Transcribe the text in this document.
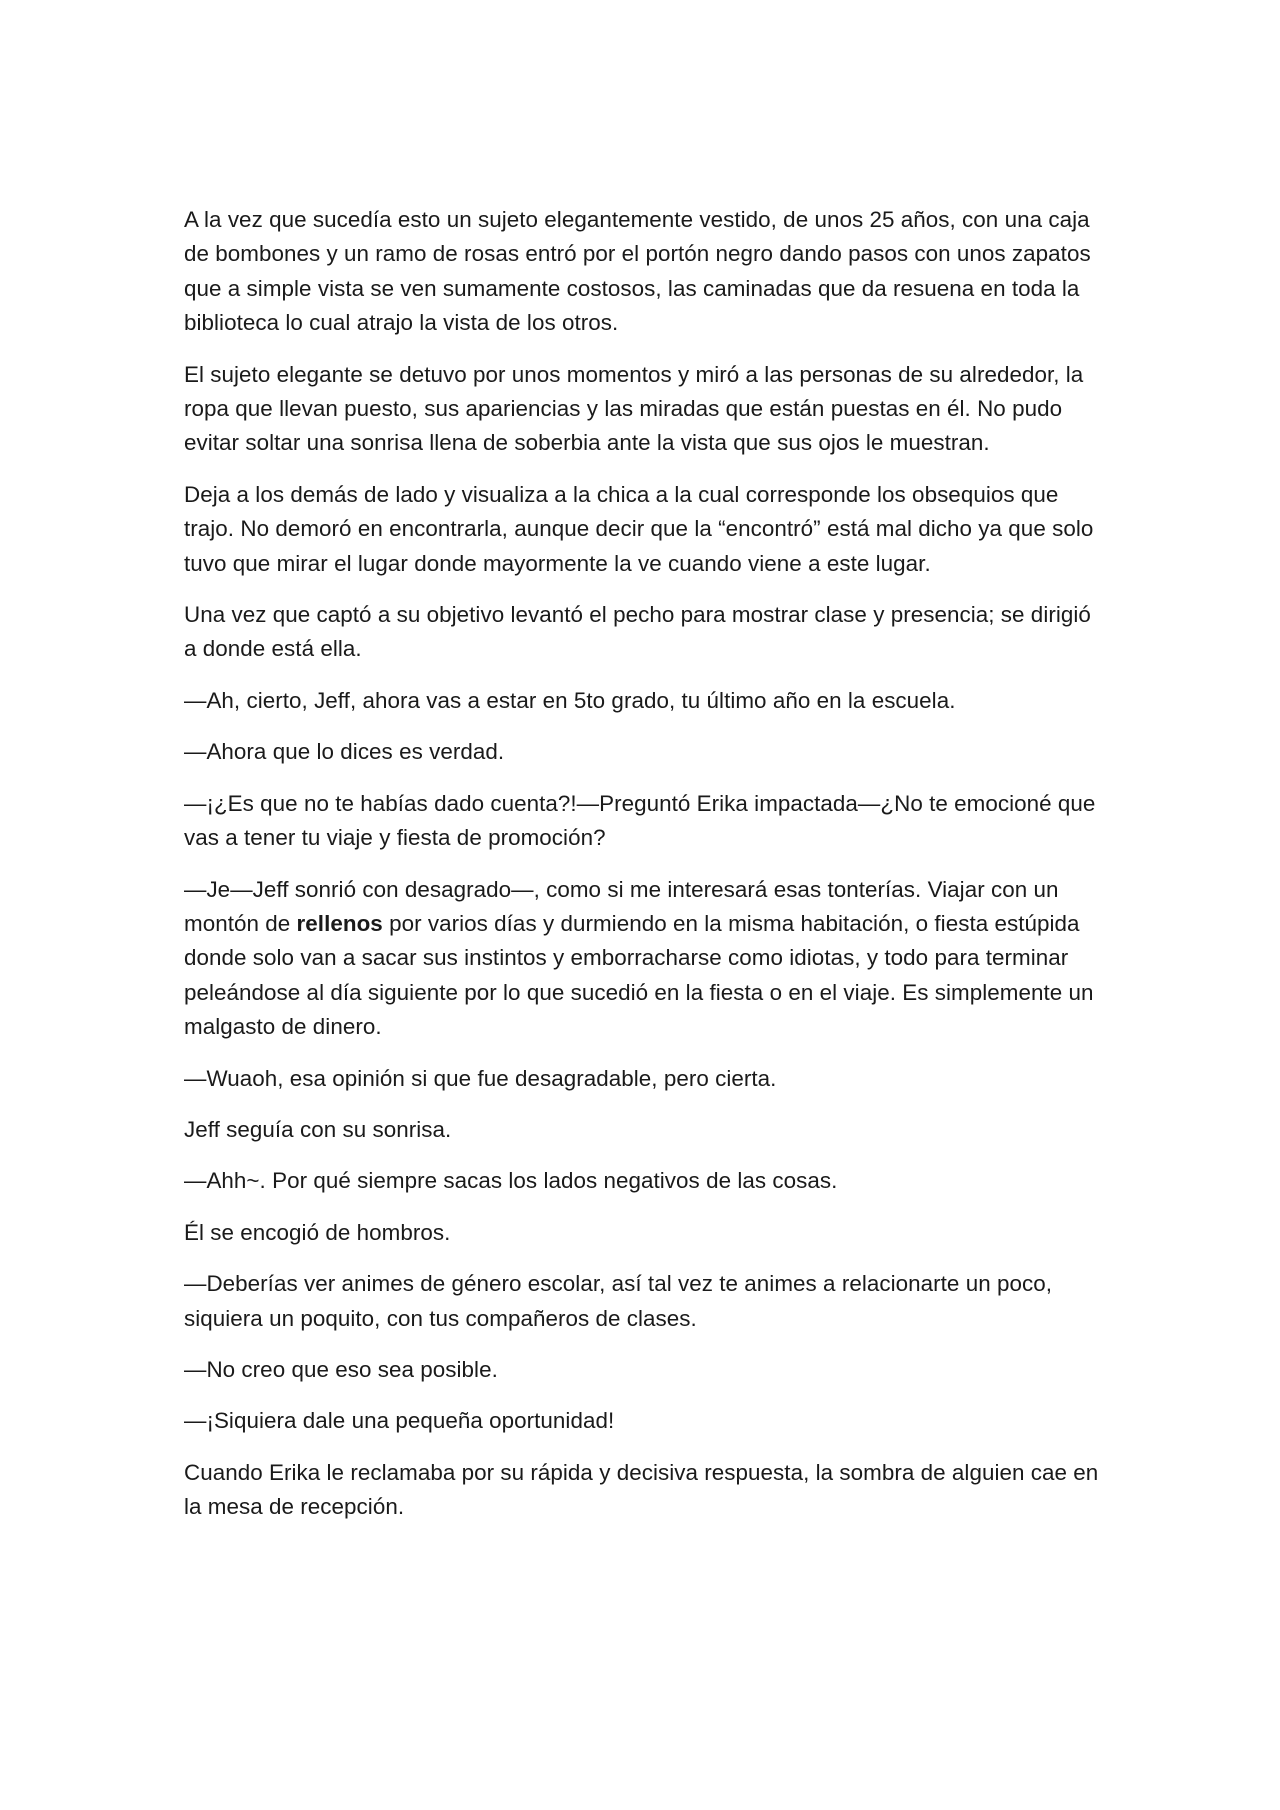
A la vez que sucedía esto un sujeto elegantemente vestido, de unos 25 años, con una caja de bombones y un ramo de rosas entró por el portón negro dando pasos con unos zapatos que a simple vista se ven sumamente costosos, las caminadas que da resuena en toda la biblioteca lo cual atrajo la vista de los otros.

El sujeto elegante se detuvo por unos momentos y miró a las personas de su alrededor, la ropa que llevan puesto, sus apariencias y las miradas que están puestas en él. No pudo evitar soltar una sonrisa llena de soberbia ante la vista que sus ojos le muestran.

Deja a los demás de lado y visualiza a la chica a la cual corresponde los obsequios que trajo. No demoró en encontrarla, aunque decir que la “encontró” está mal dicho ya que solo tuvo que mirar el lugar donde mayormente la ve cuando viene a este lugar.

Una vez que captó a su objetivo levantó el pecho para mostrar clase y presencia; se dirigió a donde está ella.

—Ah, cierto, Jeff, ahora vas a estar en 5to grado, tu último año en la escuela.

—Ahora que lo dices es verdad.

—¡¿Es que no te habías dado cuenta?!—Preguntó Erika impactada—¿No te emocioné que vas a tener tu viaje y fiesta de promoción?

—Je—Jeff sonrió con desagrado—, como si me interesará esas tonterías. Viajar con un montón de rellenos por varios días y durmiendo en la misma habitación, o fiesta estúpida donde solo van a sacar sus instintos y emborracharse como idiotas, y todo para terminar peleándose al día siguiente por lo que sucedió en la fiesta o en el viaje. Es simplemente un malgasto de dinero.

—Wuaoh, esa opinión si que fue desagradable, pero cierta.

Jeff seguía con su sonrisa.

—Ahh~. Por qué siempre sacas los lados negativos de las cosas.

Él se encogió de hombros.

—Deberías ver animes de género escolar, así tal vez te animes a relacionarte un poco, siquiera un poquito, con tus compañeros de clases.

—No creo que eso sea posible.

—¡Siquiera dale una pequeña oportunidad!

Cuando Erika le reclamaba por su rápida y decisiva respuesta, la sombra de alguien cae en la mesa de recepción.
